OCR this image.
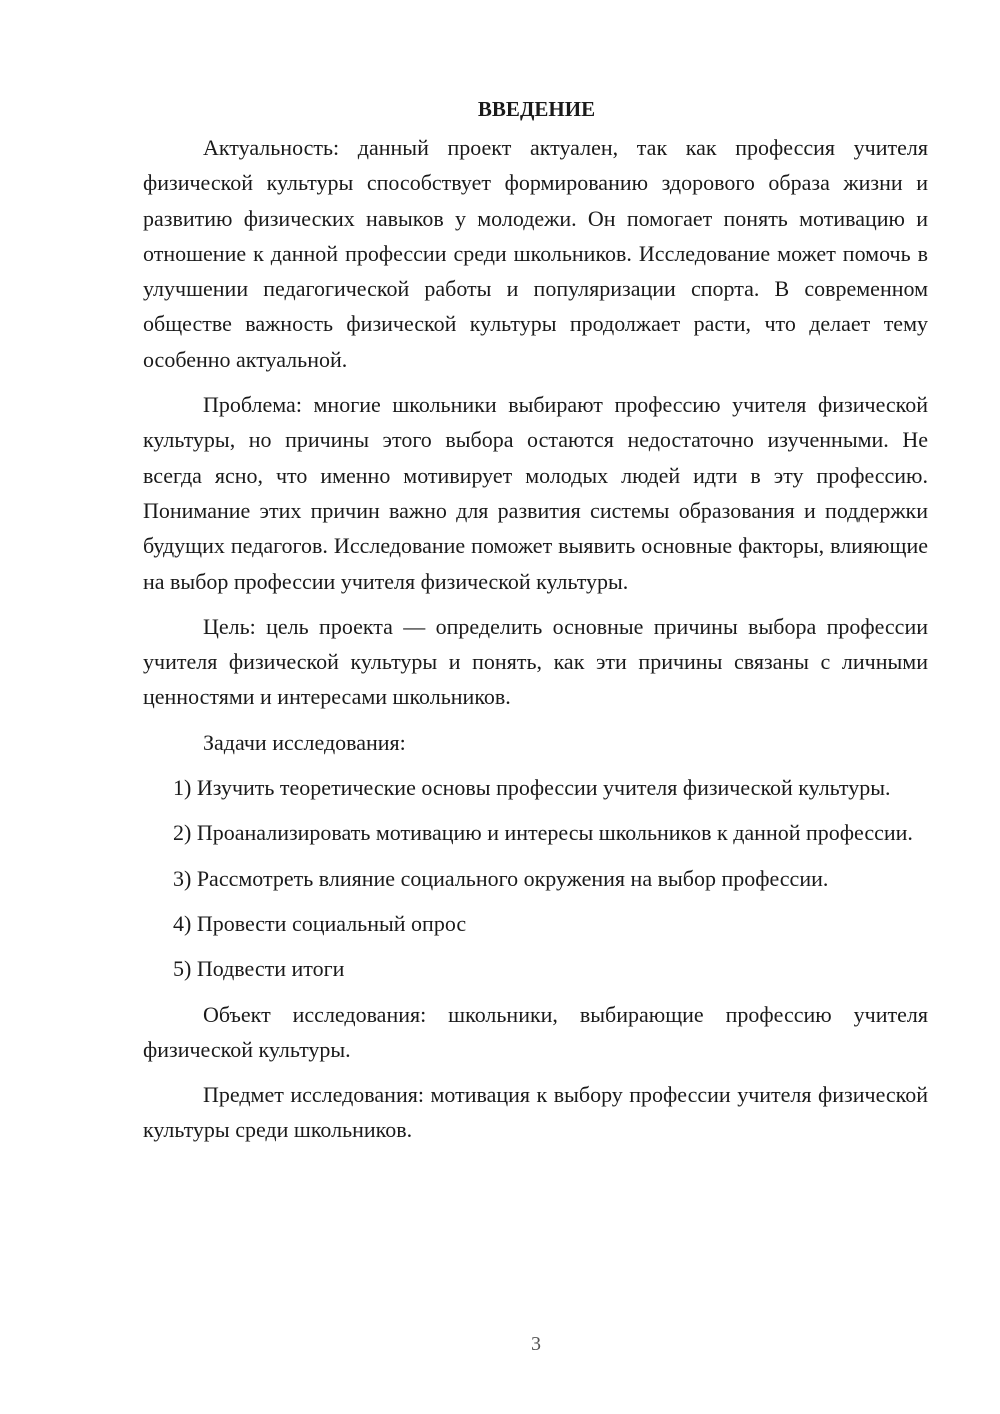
ВВЕДЕНИЕ

Актуальность: данный проект актуален, так как профессия учителя физической культуры способствует формированию здорового образа жизни и развитию физических навыков у молодежи. Он помогает понять мотивацию и отношение к данной профессии среди школьников. Исследование может помочь в улучшении педагогической работы и популяризации спорта. В современном обществе важность физической культуры продолжает расти, что делает тему особенно актуальной.

Проблема: многие школьники выбирают профессию учителя физической культуры, но причины этого выбора остаются недостаточно изученными. Не всегда ясно, что именно мотивирует молодых людей идти в эту профессию. Понимание этих причин важно для развития системы образования и поддержки будущих педагогов. Исследование поможет выявить основные факторы, влияющие на выбор профессии учителя физической культуры.

Цель: цель проекта — определить основные причины выбора профессии учителя физической культуры и понять, как эти причины связаны с личными ценностями и интересами школьников.

Задачи исследования:

1) Изучить теоретические основы профессии учителя физической культуры.

2) Проанализировать мотивацию и интересы школьников к данной профессии.

3) Рассмотреть влияние социального окружения на выбор профессии.

4) Провести социальный опрос

5) Подвести итоги

Объект исследования: школьники, выбирающие профессию учителя физической культуры.

Предмет исследования: мотивация к выбору профессии учителя физической культуры среди школьников.

3
